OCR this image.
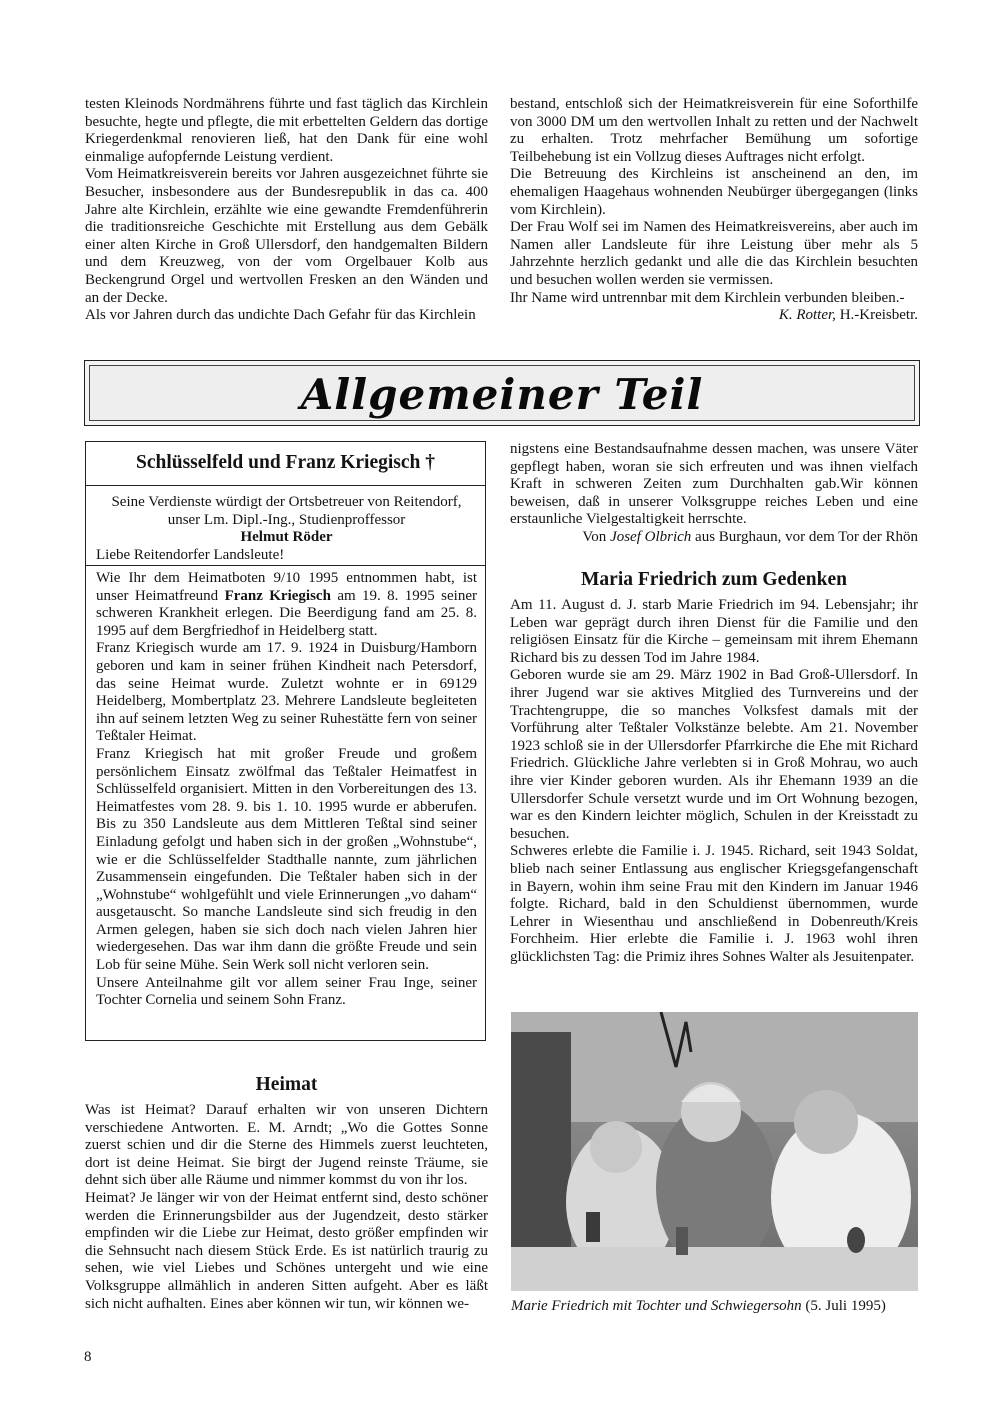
testen Kleinods Nordmährens führte und fast täglich das Kirchlein besuchte, hegte und pflegte, die mit erbettelten Geldern das dortige Kriegerdenkmal renovieren ließ, hat den Dank für eine wohl einmalige aufopfernde Leistung verdient.

Vom Heimatkreisverein bereits vor Jahren ausgezeichnet führte sie Besucher, insbesondere aus der Bundesrepublik in das ca. 400 Jahre alte Kirchlein, erzählte wie eine gewandte Fremdenführerin die traditionsreiche Geschichte mit Erstellung aus dem Gebälk einer alten Kirche in Groß Ullersdorf, den handgemalten Bildern und dem Kreuzweg, von der vom Orgelbauer Kolb aus Beckengrund Orgel und wertvollen Fresken an den Wänden und an der Decke.

Als vor Jahren durch das undichte Dach Gefahr für das Kirchlein

bestand, entschloß sich der Heimatkreisverein für eine Soforthilfe von 3000 DM um den wertvollen Inhalt zu retten und der Nachwelt zu erhalten. Trotz mehrfacher Bemühung um sofortige Teilbehebung ist ein Vollzug dieses Auftrages nicht erfolgt.

Die Betreuung des Kirchleins ist anscheinend an den, im ehemaligen Haagehaus wohnenden Neubürger übergegangen (links vom Kirchlein).

Der Frau Wolf sei im Namen des Heimatkreisvereins, aber auch im Namen aller Landsleute für ihre Leistung über mehr als 5 Jahrzehnte herzlich gedankt und alle die das Kirchlein besuchten und besuchen wollen werden sie vermissen.

Ihr Name wird untrennbar mit dem Kirchlein verbunden bleiben.-

K. Rotter, H.-Kreisbetr.

Allgemeiner Teil
Schlüsselfeld und Franz Kriegisch †

Seine Verdienste würdigt der Ortsbetreuer von Reitendorf, unser Lm. Dipl.-Ing., Studienproffessor

Helmut Röder

Liebe Reitendorfer Landsleute!

Wie Ihr dem Heimatboten 9/10 1995 entnommen habt, ist unser Heimatfreund Franz Kriegisch am 19. 8. 1995 seiner schweren Krankheit erlegen. Die Beerdigung fand am 25. 8. 1995 auf dem Bergfriedhof in Heidelberg statt.

Franz Kriegisch wurde am 17. 9. 1924 in Duisburg/Hamborn geboren und kam in seiner frühen Kindheit nach Petersdorf, das seine Heimat wurde. Zuletzt wohnte er in 69129 Heidelberg, Mombertplatz 23. Mehrere Landsleute begleiteten ihn auf seinem letzten Weg zu seiner Ruhestätte fern von seiner Teßtaler Heimat.

Franz Kriegisch hat mit großer Freude und großem persönlichem Einsatz zwölfmal das Teßtaler Heimatfest in Schlüsselfeld organisiert. Mitten in den Vorbereitungen des 13. Heimatfestes vom 28. 9. bis 1. 10. 1995 wurde er abberufen. Bis zu 350 Landsleute aus dem Mittleren Teßtal sind seiner Einladung gefolgt und haben sich in der großen „Wohnstube“, wie er die Schlüsselfelder Stadthalle nannte, zum jährlichen Zusammensein eingefunden. Die Teßtaler haben sich in der „Wohnstube“ wohlgefühlt und viele Erinnerungen „vo daham“ ausgetauscht. So manche Landsleute sind sich freudig in den Armen gelegen, haben sie sich doch nach vielen Jahren hier wiedergesehen. Das war ihm dann die größte Freude und sein Lob für seine Mühe. Sein Werk soll nicht verloren sein.

Unsere Anteilnahme gilt vor allem seiner Frau Inge, seiner Tochter Cornelia und seinem Sohn Franz.

Heimat

Was ist Heimat? Darauf erhalten wir von unseren Dichtern verschiedene Antworten. E. M. Arndt; „Wo die Gottes Sonne zuerst schien und dir die Sterne des Himmels zuerst leuchteten, dort ist deine Heimat. Sie birgt der Jugend reinste Träume, sie dehnt sich über alle Räume und nimmer kommst du von ihr los.

Heimat? Je länger wir von der Heimat entfernt sind, desto schöner werden die Erinnerungsbilder aus der Jugendzeit, desto stärker empfinden wir die Liebe zur Heimat, desto größer empfinden wir die Sehnsucht nach diesem Stück Erde. Es ist natürlich traurig zu sehen, wie viel Liebes und Schönes untergeht und wie eine Volksgruppe allmählich in anderen Sitten aufgeht. Aber es läßt sich nicht aufhalten. Eines aber können wir tun, wir können we-

nigstens eine Bestandsaufnahme dessen machen, was unsere Väter gepflegt haben, woran sie sich erfreuten und was ihnen vielfach Kraft in schweren Zeiten zum Durchhalten gab.Wir können beweisen, daß in unserer Volksgruppe reiches Leben und eine erstaunliche Vielgestaltigkeit herrschte.

Von Josef Olbrich aus Burghaun, vor dem Tor der Rhön

Maria Friedrich zum Gedenken

Am 11. August d. J. starb Marie Friedrich im 94. Lebensjahr; ihr Leben war geprägt durch ihren Dienst für die Familie und den religiösen Einsatz für die Kirche – gemeinsam mit ihrem Ehemann Richard bis zu dessen Tod im Jahre 1984.

Geboren wurde sie am 29. März 1902 in Bad Groß-Ullersdorf. In ihrer Jugend war sie aktives Mitglied des Turnvereins und der Trachtengruppe, die so manches Volksfest damals mit der Vorführung alter Teßtaler Volkstänze belebte. Am 21. November 1923 schloß sie in der Ullersdorfer Pfarrkirche die Ehe mit Richard Friedrich. Glückliche Jahre verlebten si in Groß Mohrau, wo auch ihre vier Kinder geboren wurden. Als ihr Ehemann 1939 an die Ullersdorfer Schule versetzt wurde und im Ort Wohnung bezogen, war es den Kindern leichter möglich, Schulen in der Kreisstadt zu besuchen.

Schweres erlebte die Familie i. J. 1945. Richard, seit 1943 Soldat, blieb nach seiner Entlassung aus englischer Kriegsgefangenschaft in Bayern, wohin ihm seine Frau mit den Kindern im Januar 1946 folgte. Richard, bald in den Schuldienst übernommen, wurde Lehrer in Wiesenthau und anschließend in Dobenreuth/Kreis Forchheim. Hier erlebte die Familie i. J. 1963 wohl ihren glücklichsten Tag: die Primiz ihres Sohnes Walter als Jesuitenpater.

Marie Friedrich mit Tochter und Schwiegersohn (5. Juli 1995)
8
